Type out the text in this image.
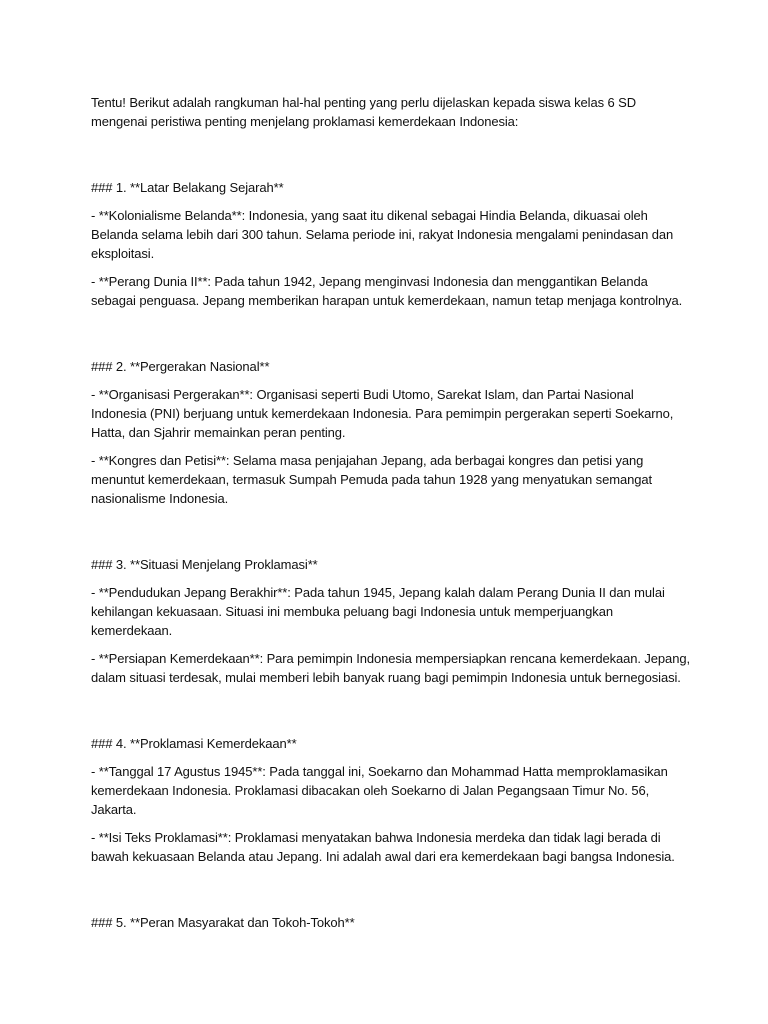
Tentu! Berikut adalah rangkuman hal-hal penting yang perlu dijelaskan kepada siswa kelas 6 SD mengenai peristiwa penting menjelang proklamasi kemerdekaan Indonesia:

### 1. **Latar Belakang Sejarah**

- **Kolonialisme Belanda**: Indonesia, yang saat itu dikenal sebagai Hindia Belanda, dikuasai oleh Belanda selama lebih dari 300 tahun. Selama periode ini, rakyat Indonesia mengalami penindasan dan eksploitasi.

- **Perang Dunia II**: Pada tahun 1942, Jepang menginvasi Indonesia dan menggantikan Belanda sebagai penguasa. Jepang memberikan harapan untuk kemerdekaan, namun tetap menjaga kontrolnya.

### 2. **Pergerakan Nasional**

- **Organisasi Pergerakan**: Organisasi seperti Budi Utomo, Sarekat Islam, dan Partai Nasional Indonesia (PNI) berjuang untuk kemerdekaan Indonesia. Para pemimpin pergerakan seperti Soekarno, Hatta, dan Sjahrir memainkan peran penting.

- **Kongres dan Petisi**: Selama masa penjajahan Jepang, ada berbagai kongres dan petisi yang menuntut kemerdekaan, termasuk Sumpah Pemuda pada tahun 1928 yang menyatukan semangat nasionalisme Indonesia.

### 3. **Situasi Menjelang Proklamasi**

- **Pendudukan Jepang Berakhir**: Pada tahun 1945, Jepang kalah dalam Perang Dunia II dan mulai kehilangan kekuasaan. Situasi ini membuka peluang bagi Indonesia untuk memperjuangkan kemerdekaan.

- **Persiapan Kemerdekaan**: Para pemimpin Indonesia mempersiapkan rencana kemerdekaan. Jepang, dalam situasi terdesak, mulai memberi lebih banyak ruang bagi pemimpin Indonesia untuk bernegosiasi.

### 4. **Proklamasi Kemerdekaan**

- **Tanggal 17 Agustus 1945**: Pada tanggal ini, Soekarno dan Mohammad Hatta memproklamasikan kemerdekaan Indonesia. Proklamasi dibacakan oleh Soekarno di Jalan Pegangsaan Timur No. 56, Jakarta.

- **Isi Teks Proklamasi**: Proklamasi menyatakan bahwa Indonesia merdeka dan tidak lagi berada di bawah kekuasaan Belanda atau Jepang. Ini adalah awal dari era kemerdekaan bagi bangsa Indonesia.

### 5. **Peran Masyarakat dan Tokoh-Tokoh**
